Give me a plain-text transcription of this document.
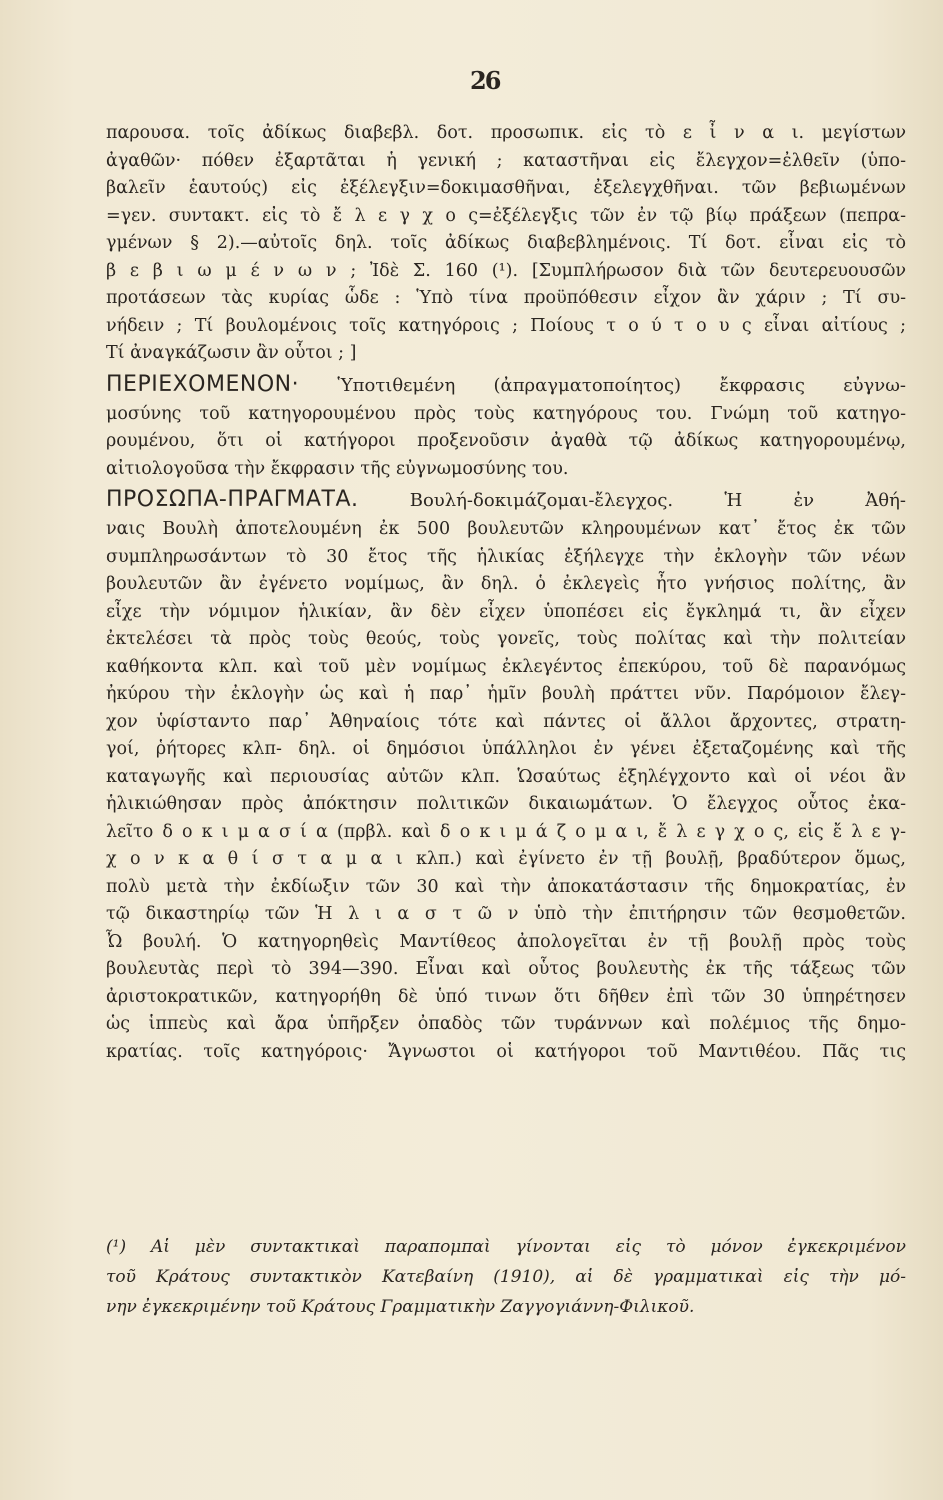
26
παρουσα. τοῖς ἀδίκως διαβεβλ. δοτ. προσωπικ. εἰς τὸ ε ἶ ν α ι. μεγίστων
ἀγαθῶν· πόθεν ἐξαρτᾶται ἡ γενική ; καταστῆναι εἰς ἔλεγχον=ἐλθεῖν (ὑπο-
βαλεῖν ἑαυτούς) εἰς ἐξέλεγξιν=δοκιμασθῆναι, ἐξελεγχθῆναι. τῶν βεβιωμένων
=γεν. συντακτ. εἰς τὸ ἔ λ ε γ χ ο ς=ἐξέλεγξις τῶν ἐν τῷ βίῳ πράξεων (πεπρα-
γμένων § 2).—αὐτοῖς δηλ. τοῖς ἀδίκως διαβεβλημένοις. Τί δοτ. εἶναι εἰς τὸ
β ε β ι ω μ έ ν ω ν ; Ἰδὲ Σ. 160 (¹). [Συμπλήρωσον διὰ τῶν δευτερευουσῶν
προτάσεων τὰς κυρίας ὧδε : Ὑπὸ τίνα προϋπόθεσιν εἶχον ἂν χάριν ; Τί συ-
νήδειν ; Τί βουλομένοις τοῖς κατηγόροις ; Ποίους τ ο ύ τ ο υ ς εἶναι αἰτίους ;
Τί ἀναγκάζωσιν ἂν οὗτοι ; ]
ΠΕΡΙΕΧΟΜΕΝΟΝ· Ὑποτιθεμένη (ἀπραγματοποίητος) ἔκφρασις εὐγνω-
μοσύνης τοῦ κατηγορουμένου πρὸς τοὺς κατηγόρους του. Γνώμη τοῦ κατηγο-
ρουμένου, ὅτι οἱ κατήγοροι προξενοῦσιν ἀγαθὰ τῷ ἀδίκως κατηγορουμένῳ,
αἰτιολογοῦσα τὴν ἔκφρασιν τῆς εὐγνωμοσύνης του.
ΠΡΟΣΩΠΑ-ΠΡΑΓΜΑΤΑ. Βουλή-δοκιμάζομαι-ἔλεγχος. Ἡ ἐν Ἀθή-
ναις Βουλὴ ἀποτελουμένη ἐκ 500 βουλευτῶν κληρουμένων κατ᾽ ἔτος ἐκ τῶν
συμπληρωσάντων τὸ 30 ἔτος τῆς ἡλικίας ἐξήλεγχε τὴν ἐκλογὴν τῶν νέων
βουλευτῶν ἂν ἐγένετο νομίμως, ἂν δηλ. ὁ ἐκλεγεὶς ἦτο γνήσιος πολίτης, ἂν
εἶχε τὴν νόμιμον ἡλικίαν, ἂν δὲν εἶχεν ὑποπέσει εἰς ἔγκλημά τι, ἂν εἶχεν
ἐκτελέσει τὰ πρὸς τοὺς θεούς, τοὺς γονεῖς, τοὺς πολίτας καὶ τὴν πολιτείαν
καθήκοντα κλπ. καὶ τοῦ μὲν νομίμως ἐκλεγέντος ἐπεκύρου, τοῦ δὲ παρανόμως
ἠκύρου τὴν ἐκλογὴν ὡς καὶ ἡ παρ᾽ ἡμῖν βουλὴ πράττει νῦν. Παρόμοιον ἔλεγ-
χον ὑφίσταντο παρ᾽ Ἀθηναίοις τότε καὶ πάντες οἱ ἄλλοι ἄρχοντες, στρατη-
γοί, ῥήτορες κλπ- δηλ. οἱ δημόσιοι ὑπάλληλοι ἐν γένει ἐξεταζομένης καὶ τῆς
καταγωγῆς καὶ περιουσίας αὐτῶν κλπ. Ὡσαύτως ἐξηλέγχοντο καὶ οἱ νέοι ἂν
ἡλικιώθησαν πρὸς ἀπόκτησιν πολιτικῶν δικαιωμάτων. Ὁ ἔλεγχος οὗτος ἐκα-
λεῖτο δ ο κ ι μ α σ ί α (πρβλ. καὶ δ ο κ ι μ ά ζ ο μ α ι, ἔ λ ε γ χ ο ς, εἰς ἔ λ ε γ-
χ ο ν κ α θ ί σ τ α μ α ι κλπ.) καὶ ἐγίνετο ἐν τῇ βουλῇ, βραδύτερον ὅμως,
πολὺ μετὰ τὴν ἐκδίωξιν τῶν 30 καὶ τὴν ἀποκατάστασιν τῆς δημοκρατίας, ἐν
τῷ δικαστηρίῳ τῶν Ἡ λ ι α σ τ ῶ ν ὑπὸ τὴν ἐπιτήρησιν τῶν θεσμοθετῶν.
Ὦ βουλή. Ὁ κατηγορηθεὶς Μαντίθεος ἀπολογεῖται ἐν τῇ βουλῇ πρὸς τοὺς
βουλευτὰς περὶ τὸ 394—390. Εἶναι καὶ οὗτος βουλευτὴς ἐκ τῆς τάξεως τῶν
ἀριστοκρατικῶν, κατηγορήθη δὲ ὑπό τινων ὅτι δῆθεν ἐπὶ τῶν 30 ὑπηρέτησεν
ὡς ἱππεὺς καὶ ἄρα ὑπῆρξεν ὀπαδὸς τῶν τυράννων καὶ πολέμιος τῆς δημο-
κρατίας. τοῖς κατηγόροις· Ἄγνωστοι οἱ κατήγοροι τοῦ Μαντιθέου. Πᾶς τις
(¹) Αἱ μὲν συντακτικαὶ παραπομπαὶ γίνονται εἰς τὸ μόνον ἐγκεκριμένον
τοῦ Κράτους συντακτικὸν Κατεβαίνη (1910), αἱ δὲ γραμματικαὶ εἰς τὴν μό-
νην ἐγκεκριμένην τοῦ Κράτους Γραμματικὴν Ζαγγογιάννη-Φιλικοῦ.
